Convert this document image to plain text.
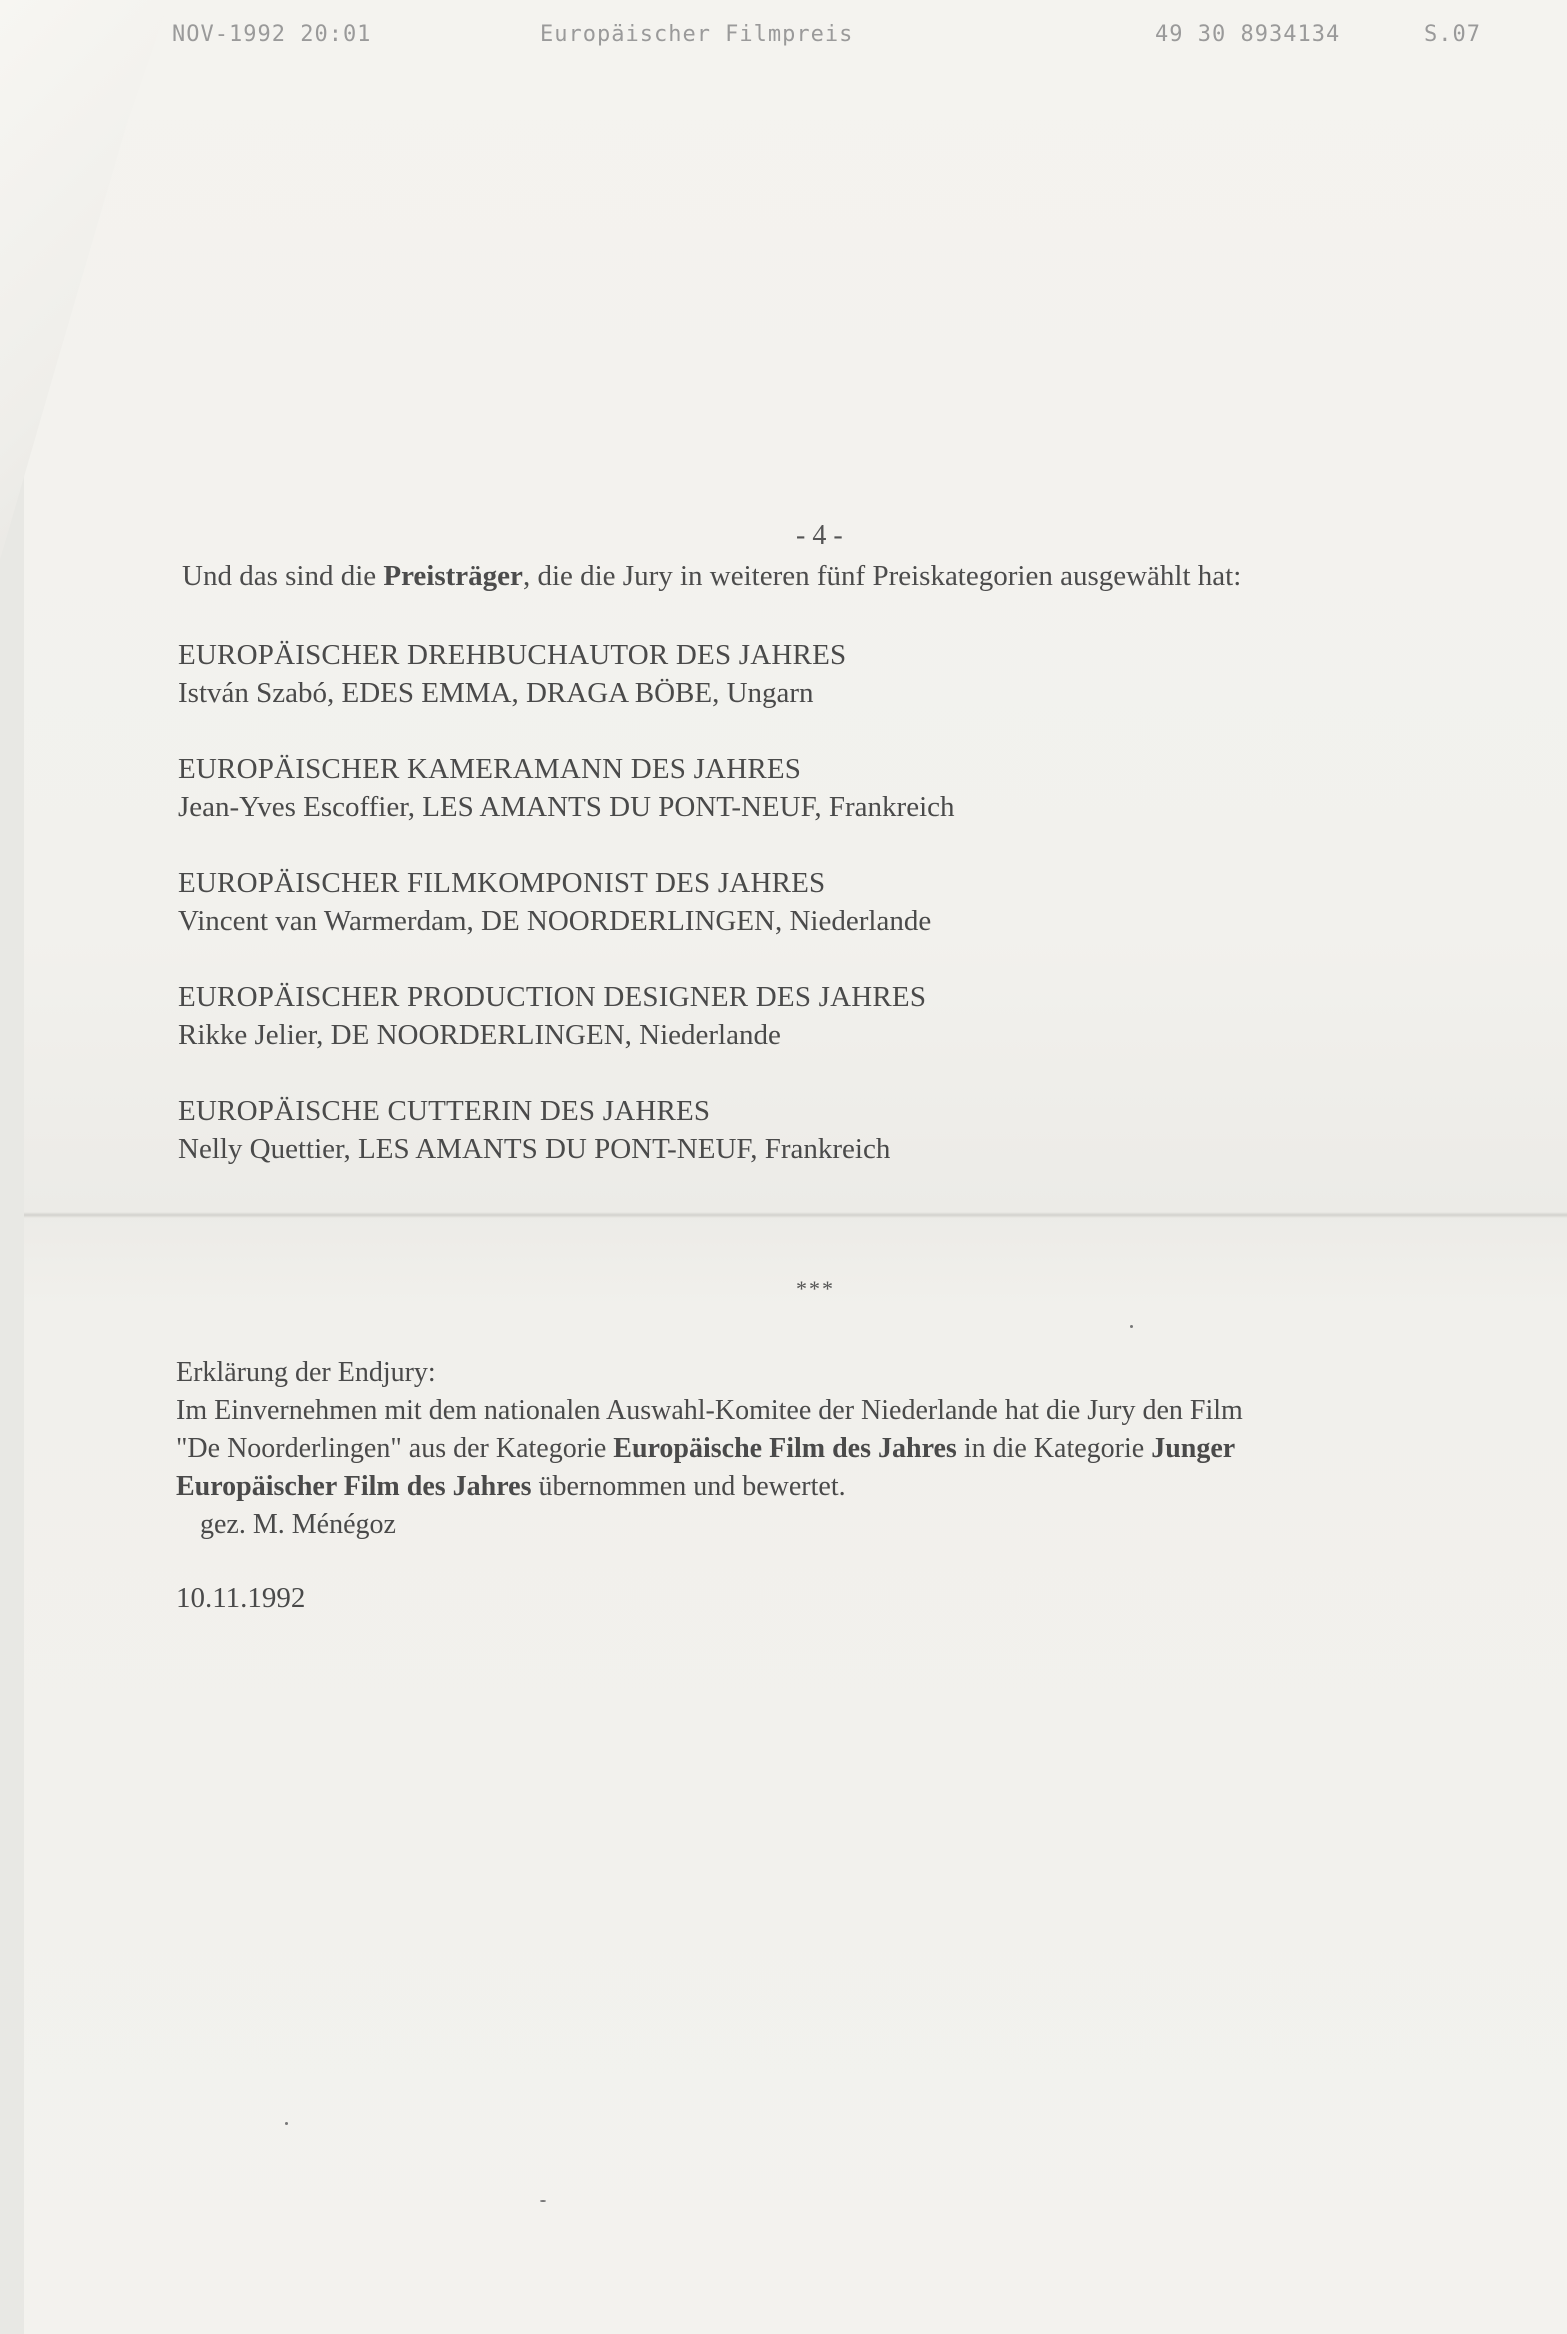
NOV-1992 20:01	Europäischer Filmpreis	49 30 8934134	S.07
- 4 -
Und das sind die Preisträger, die die Jury in weiteren fünf Preiskategorien ausgewählt hat:
EUROPÄISCHER DREHBUCHAUTOR DES JAHRES
István Szabó, EDES EMMA, DRAGA BÖBE, Ungarn
EUROPÄISCHER KAMERAMANN DES JAHRES
Jean-Yves Escoffier, LES AMANTS DU PONT-NEUF, Frankreich
EUROPÄISCHER FILMKOMPONIST DES JAHRES
Vincent van Warmerdam, DE NOORDERLINGEN, Niederlande
EUROPÄISCHER PRODUCTION DESIGNER DES JAHRES
Rikke Jelier, DE NOORDERLINGEN, Niederlande
EUROPÄISCHE CUTTERIN DES JAHRES
Nelly Quettier, LES AMANTS DU PONT-NEUF, Frankreich
***
Erklärung der Endjury:
Im Einvernehmen mit dem nationalen Auswahl-Komitee der Niederlande hat die Jury den Film
"De Noorderlingen" aus der Kategorie Europäische Film des Jahres in die Kategorie Junger
Europäischer Film des Jahres übernommen und bewertet.
gez. M. Ménégoz
10.11.1992
